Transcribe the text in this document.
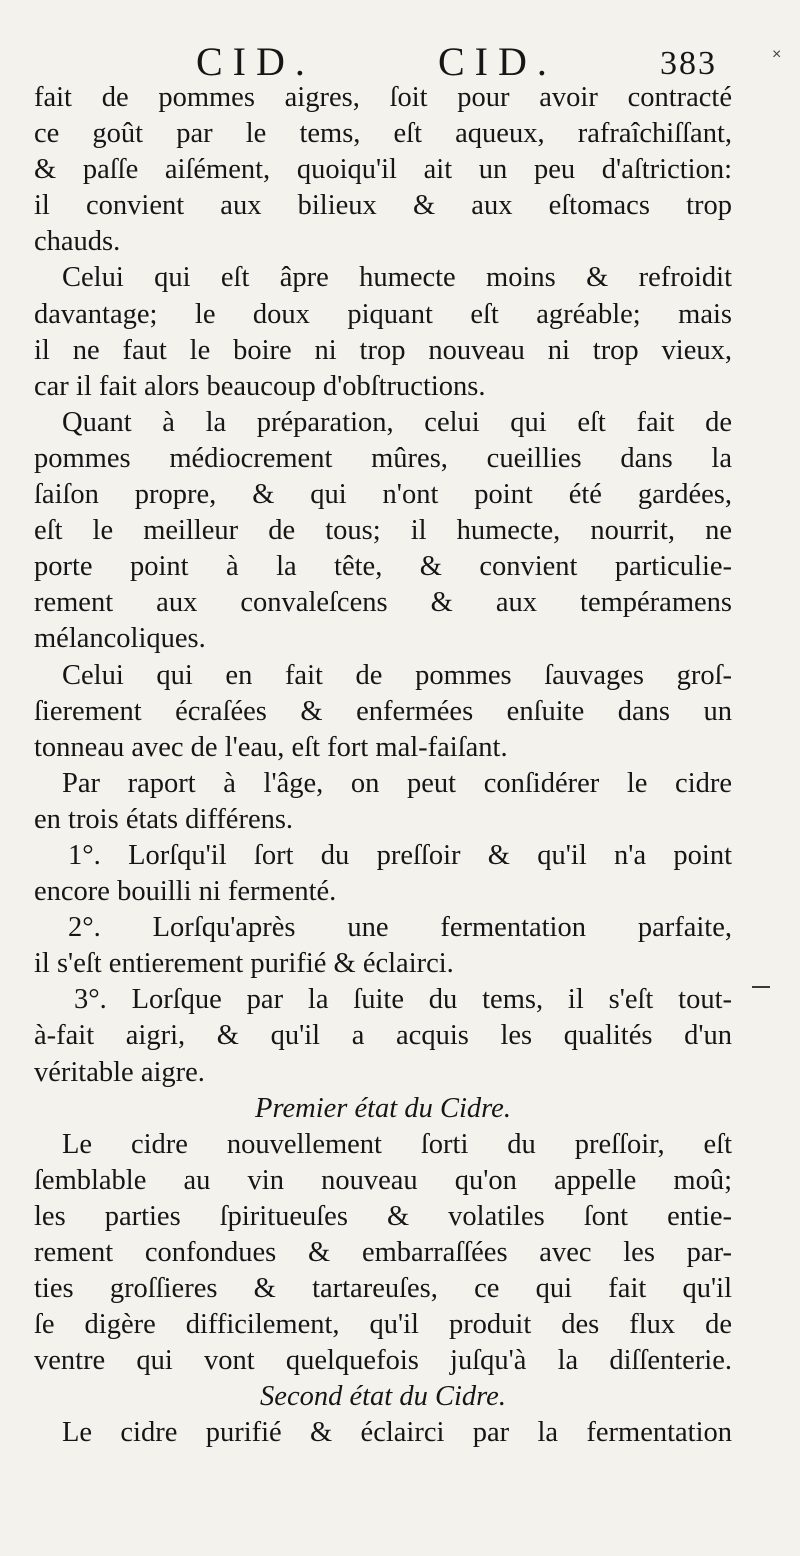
CID.	CID.	383	×
fait de pommes aigres, ſoit pour avoir contracté
ce goût par le tems, eſt aqueux, rafraîchiſſant,
& paſſe aiſément, quoiqu'il ait un peu d'aſtriction:
il convient aux bilieux & aux eſtomacs trop
chauds.
Celui qui eſt âpre humecte moins & refroidit
davantage; le doux piquant eſt agréable; mais
il ne faut le boire ni trop nouveau ni trop vieux,
car il fait alors beaucoup d'obſtructions.
Quant à la préparation, celui qui eſt fait de
pommes médiocrement mûres, cueillies dans la
ſaiſon propre, & qui n'ont point été gardées,
eſt le meilleur de tous; il humecte, nourrit, ne
porte point à la tête, & convient particulie-
rement aux convaleſcens & aux tempéramens
mélancoliques.
Celui qui en fait de pommes ſauvages groſ-
ſierement écraſées & enfermées enſuite dans un
tonneau avec de l'eau, eſt fort mal-faiſant.
Par raport à l'âge, on peut conſidérer le cidre
en trois états différens.
1°. Lorſqu'il ſort du preſſoir & qu'il n'a point
encore bouilli ni fermenté.
2°. Lorſqu'après une fermentation parfaite,
il s'eſt entierement purifié & éclairci.
3°. Lorſque par la ſuite du tems, il s'eſt tout-
à-fait aigri, & qu'il a acquis les qualités d'un
véritable aigre.
Premier état du Cidre.
Le cidre nouvellement ſorti du preſſoir, eſt
ſemblable au vin nouveau qu'on appelle moû;
les parties ſpiritueuſes & volatiles ſont entie-
rement confondues & embarraſſées avec les par-
ties groſſieres & tartareuſes, ce qui fait qu'il
ſe digère difficilement, qu'il produit des flux de
ventre qui vont quelquefois juſqu'à la diſſenterie.
Second état du Cidre.
Le cidre purifié & éclairci par la fermentation
